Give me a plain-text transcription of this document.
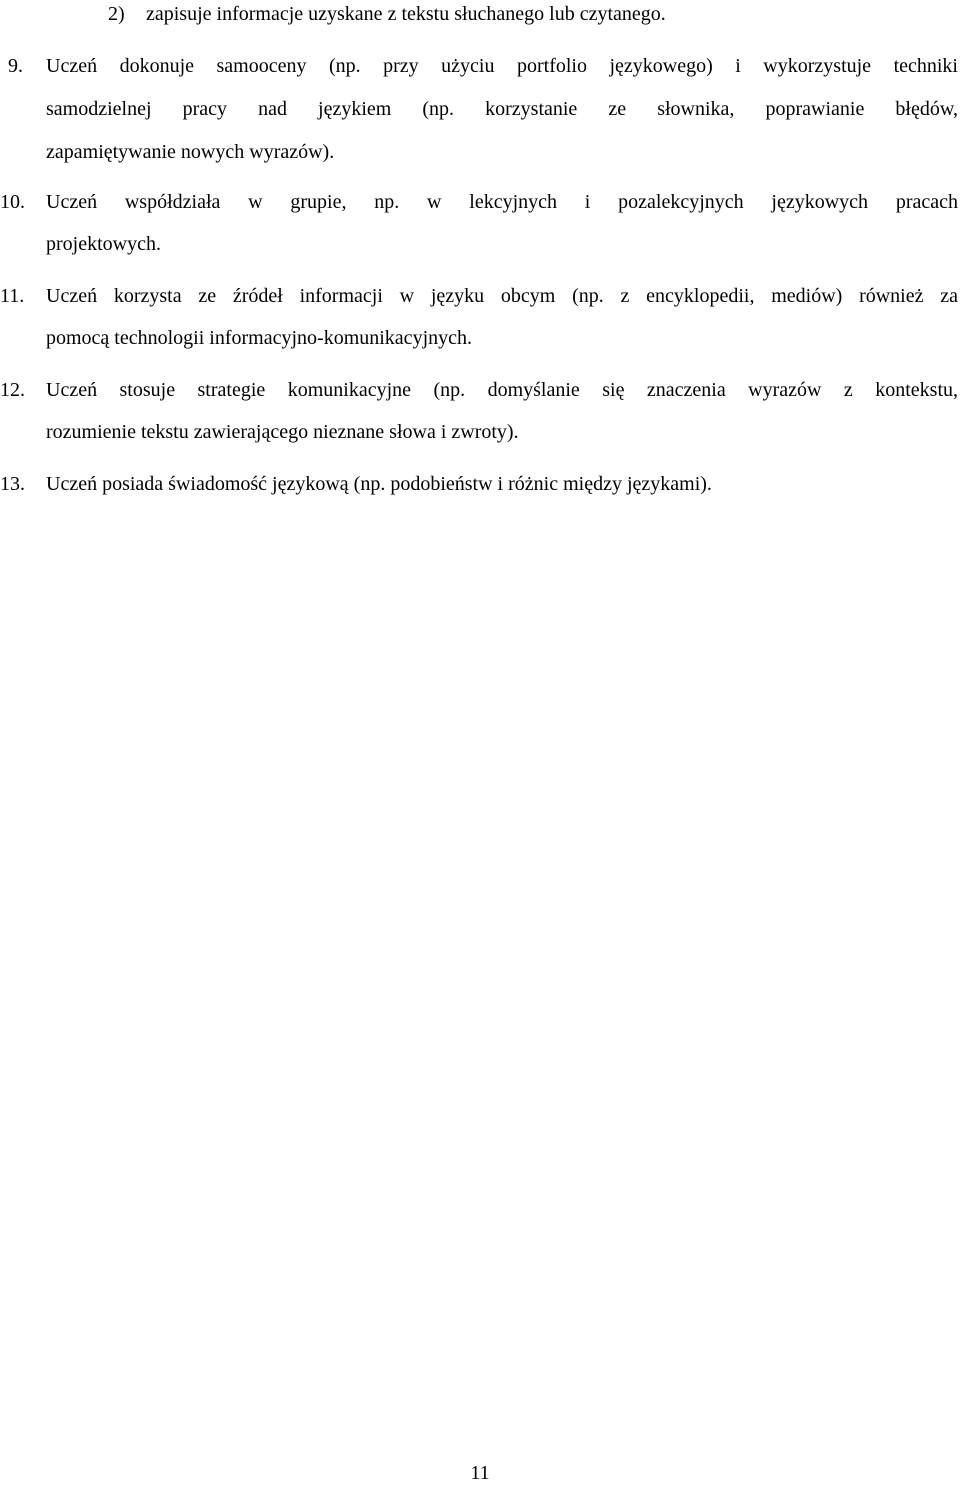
2) zapisuje informacje uzyskane z tekstu słuchanego lub czytanego.
9. Uczeń dokonuje samooceny (np. przy użyciu portfolio językowego) i wykorzystuje techniki
samodzielnej pracy nad językiem (np. korzystanie ze słownika, poprawianie błędów,
zapamiętywanie nowych wyrazów).
10. Uczeń współdziała w grupie, np. w lekcyjnych i pozalekcyjnych językowych pracach
projektowych.
11. Uczeń korzysta ze źródeł informacji w języku obcym (np. z encyklopedii, mediów) również za
pomocą technologii informacyjno-komunikacyjnych.
12. Uczeń stosuje strategie komunikacyjne (np. domyślanie się znaczenia wyrazów z kontekstu,
rozumienie tekstu zawierającego nieznane słowa i zwroty).
13. Uczeń posiada świadomość językową (np. podobieństw i różnic między językami).
11
